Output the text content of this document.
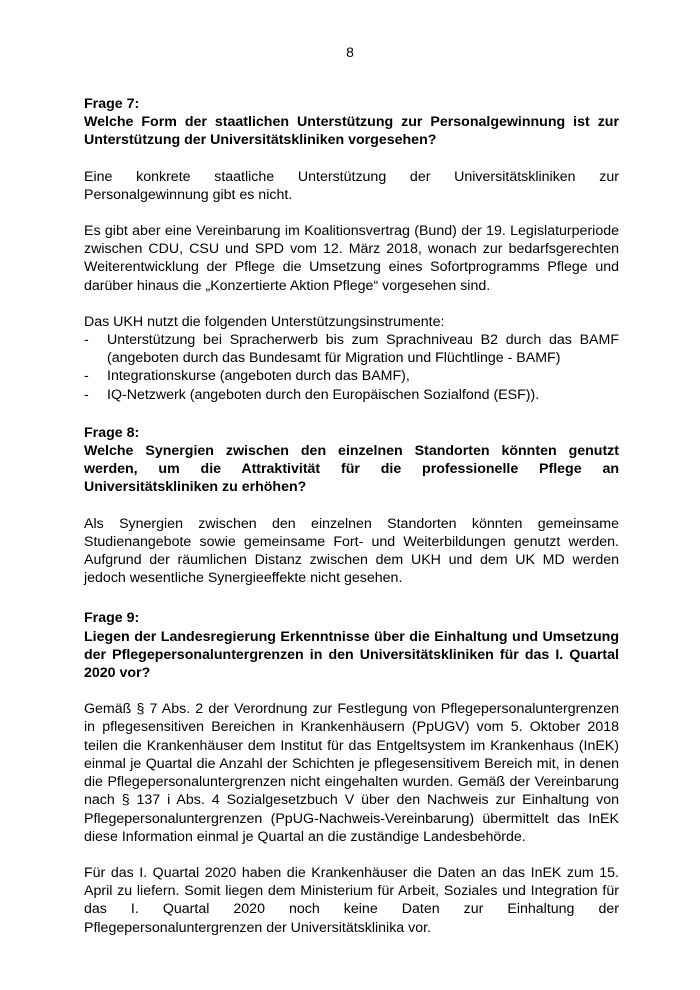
8
Frage 7:
Welche Form der staatlichen Unterstützung zur Personalgewinnung ist zur Unterstützung der Universitätskliniken vorgesehen?

Eine konkrete staatliche Unterstützung der Universitätskliniken zur Personalgewinnung gibt es nicht.

Es gibt aber eine Vereinbarung im Koalitionsvertrag (Bund) der 19. Legislaturperiode zwischen CDU, CSU und SPD vom 12. März 2018, wonach zur bedarfsgerechten Weiterentwicklung der Pflege die Umsetzung eines Sofortprogramms Pflege und darüber hinaus die „Konzertierte Aktion Pflege“ vorgesehen sind.

Das UKH nutzt die folgenden Unterstützungsinstrumente:

- Unterstützung bei Spracherwerb bis zum Sprachniveau B2 durch das BAMF (angeboten durch das Bundesamt für Migration und Flüchtlinge - BAMF)
- Integrationskurse (angeboten durch das BAMF),
- IQ-Netzwerk (angeboten durch den Europäischen Sozialfond (ESF)).
Frage 8:
Welche Synergien zwischen den einzelnen Standorten könnten genutzt werden, um die Attraktivität für die professionelle Pflege an Universitätskliniken zu erhöhen?

Als Synergien zwischen den einzelnen Standorten könnten gemeinsame Studienangebote sowie gemeinsame Fort- und Weiterbildungen genutzt werden. Aufgrund der räumlichen Distanz zwischen dem UKH und dem UK MD werden jedoch wesentliche Synergieeffekte nicht gesehen.

Frage 9:
Liegen der Landesregierung Erkenntnisse über die Einhaltung und Umsetzung der Pflegepersonaluntergrenzen in den Universitätskliniken für das I. Quartal 2020 vor?

Gemäß § 7 Abs. 2 der Verordnung zur Festlegung von Pflegepersonaluntergrenzen in pflegesensitiven Bereichen in Krankenhäusern (PpUGV) vom 5. Oktober 2018 teilen die Krankenhäuser dem Institut für das Entgeltsystem im Krankenhaus (InEK) einmal je Quartal die Anzahl der Schichten je pflegesensitivem Bereich mit, in denen die Pflegepersonaluntergrenzen nicht eingehalten wurden. Gemäß der Vereinbarung nach § 137 i Abs. 4 Sozialgesetzbuch V über den Nachweis zur Einhaltung von Pflegepersonaluntergrenzen (PpUG-Nachweis-Vereinbarung) übermittelt das InEK diese Information einmal je Quartal an die zuständige Landesbehörde.

Für das I. Quartal 2020 haben die Krankenhäuser die Daten an das InEK zum 15. April zu liefern. Somit liegen dem Ministerium für Arbeit, Soziales und Integration für das I. Quartal 2020 noch keine Daten zur Einhaltung der Pflegepersonaluntergrenzen der Universitätsklinika vor.
